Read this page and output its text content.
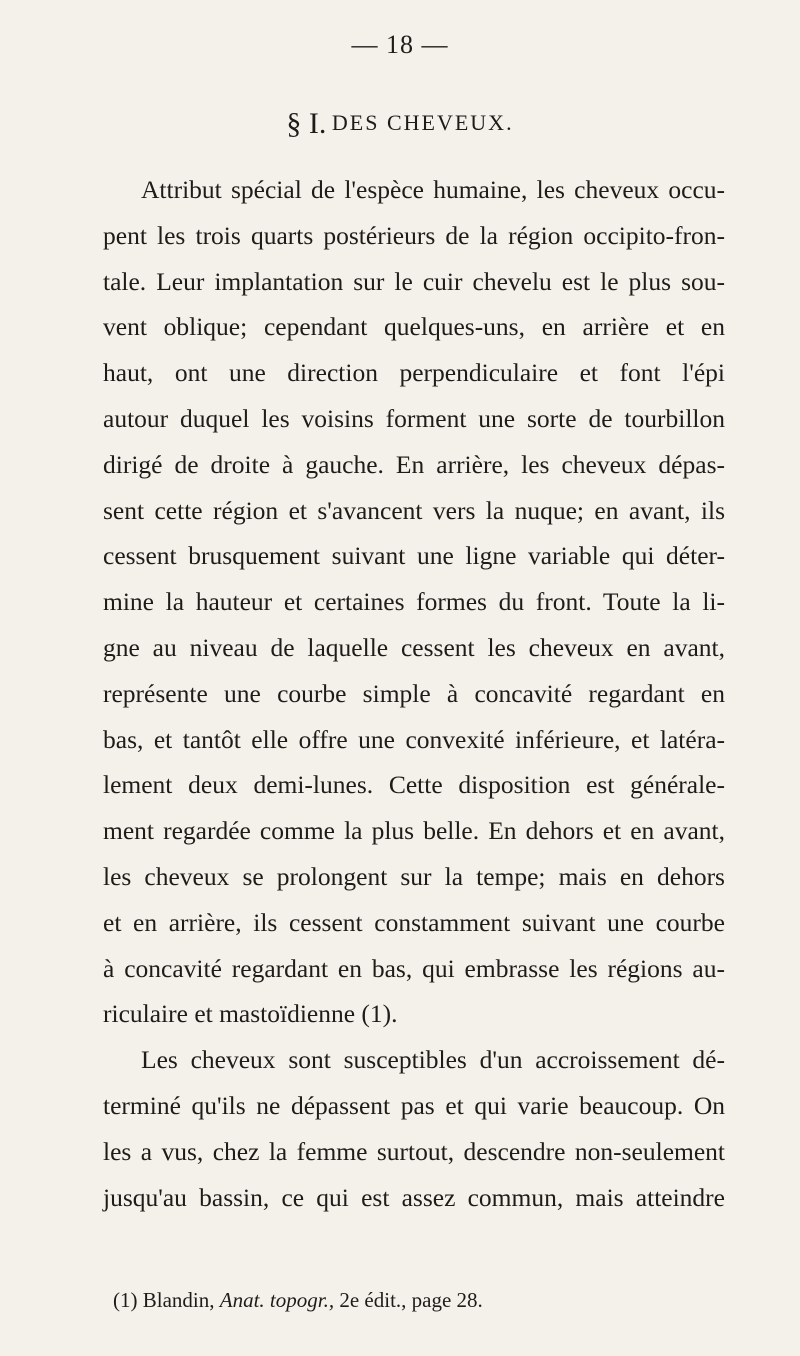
— 18 —
§ I. DES CHEVEUX.
Attribut spécial de l'espèce humaine, les cheveux occu-
pent les trois quarts postérieurs de la région occipito-fron-
tale. Leur implantation sur le cuir chevelu est le plus sou-
vent oblique; cependant quelques-uns, en arrière et en
haut, ont une direction perpendiculaire et font l'épi
autour duquel les voisins forment une sorte de tourbillon
dirigé de droite à gauche. En arrière, les cheveux dépas-
sent cette région et s'avancent vers la nuque; en avant, ils
cessent brusquement suivant une ligne variable qui déter-
mine la hauteur et certaines formes du front. Toute la li-
gne au niveau de laquelle cessent les cheveux en avant,
représente une courbe simple à concavité regardant en
bas, et tantôt elle offre une convexité inférieure, et latéra-
lement deux demi-lunes. Cette disposition est générale-
ment regardée comme la plus belle. En dehors et en avant,
les cheveux se prolongent sur la tempe; mais en dehors
et en arrière, ils cessent constamment suivant une courbe
à concavité regardant en bas, qui embrasse les régions au-
riculaire et mastoïdienne (1).
Les cheveux sont susceptibles d'un accroissement dé-
terminé qu'ils ne dépassent pas et qui varie beaucoup. On
les a vus, chez la femme surtout, descendre non-seulement
jusqu'au bassin, ce qui est assez commun, mais atteindre
(1) Blandin, Anat. topogr., 2e édit., page 28.
